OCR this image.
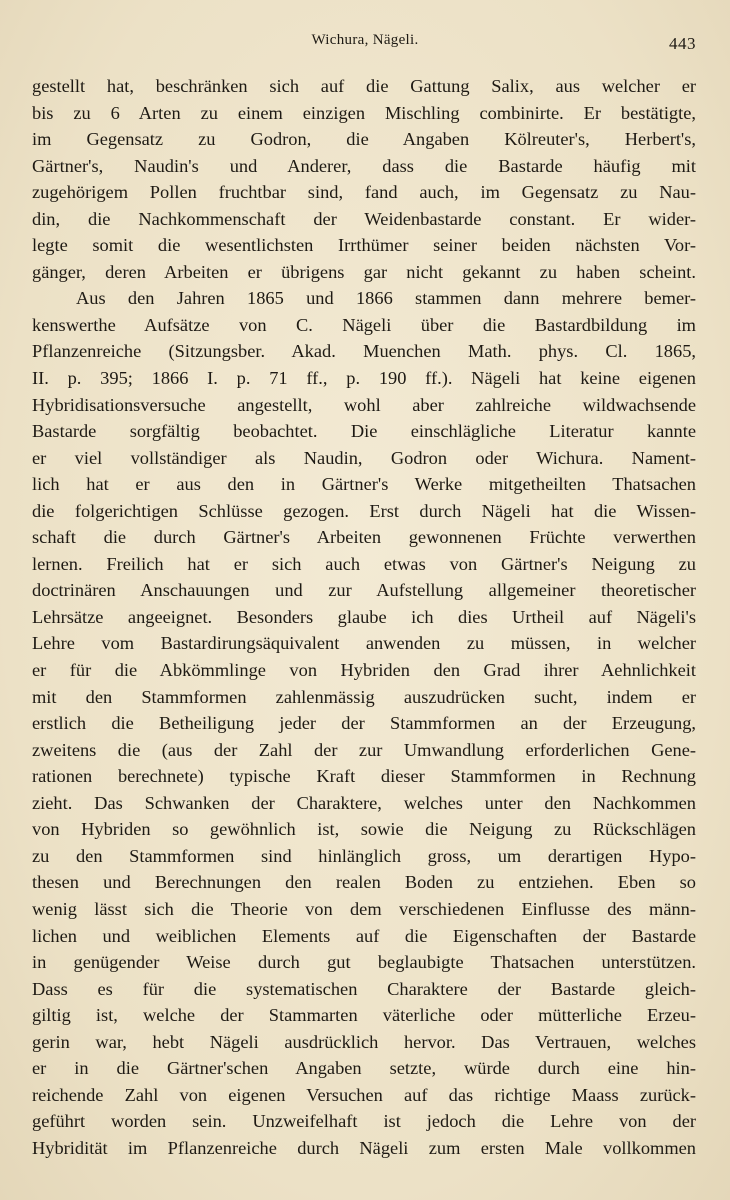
Wichura, Nägeli.	443
gestellt hat, beschränken sich auf die Gattung Salix, aus welcher er
bis zu 6 Arten zu einem einzigen Mischling combinirte. Er bestätigte,
im Gegensatz zu Godron, die Angaben Kölreuter's, Herbert's,
Gärtner's, Naudin's und Anderer, dass die Bastarde häufig mit
zugehörigem Pollen fruchtbar sind, fand auch, im Gegensatz zu Nau-
din, die Nachkommenschaft der Weidenbastarde constant. Er wider-
legte somit die wesentlichsten Irrthümer seiner beiden nächsten Vor-
gänger, deren Arbeiten er übrigens gar nicht gekannt zu haben scheint.
Aus den Jahren 1865 und 1866 stammen dann mehrere bemer-
kenswerthe Aufsätze von C. Nägeli über die Bastardbildung im
Pflanzenreiche (Sitzungsber. Akad. Muenchen Math. phys. Cl. 1865,
II. p. 395; 1866 I. p. 71 ff., p. 190 ff.). Nägeli hat keine eigenen
Hybridisationsversuche angestellt, wohl aber zahlreiche wildwachsende
Bastarde sorgfältig beobachtet. Die einschlägliche Literatur kannte
er viel vollständiger als Naudin, Godron oder Wichura. Nament-
lich hat er aus den in Gärtner's Werke mitgetheilten Thatsachen
die folgerichtigen Schlüsse gezogen. Erst durch Nägeli hat die Wissen-
schaft die durch Gärtner's Arbeiten gewonnenen Früchte verwerthen
lernen. Freilich hat er sich auch etwas von Gärtner's Neigung zu
doctrinären Anschauungen und zur Aufstellung allgemeiner theoretischer
Lehrsätze angeeignet. Besonders glaube ich dies Urtheil auf Nägeli's
Lehre vom Bastardirungsäquivalent anwenden zu müssen, in welcher
er für die Abkömmlinge von Hybriden den Grad ihrer Aehnlichkeit
mit den Stammformen zahlenmässig auszudrücken sucht, indem er
erstlich die Betheiligung jeder der Stammformen an der Erzeugung,
zweitens die (aus der Zahl der zur Umwandlung erforderlichen Gene-
rationen berechnete) typische Kraft dieser Stammformen in Rechnung
zieht. Das Schwanken der Charaktere, welches unter den Nachkommen
von Hybriden so gewöhnlich ist, sowie die Neigung zu Rückschlägen
zu den Stammformen sind hinlänglich gross, um derartigen Hypo-
thesen und Berechnungen den realen Boden zu entziehen. Eben so
wenig lässt sich die Theorie von dem verschiedenen Einflusse des männ-
lichen und weiblichen Elements auf die Eigenschaften der Bastarde
in genügender Weise durch gut beglaubigte Thatsachen unterstützen.
Dass es für die systematischen Charaktere der Bastarde gleich-
giltig ist, welche der Stammarten väterliche oder mütterliche Erzeu-
gerin war, hebt Nägeli ausdrücklich hervor. Das Vertrauen, welches
er in die Gärtner'schen Angaben setzte, würde durch eine hin-
reichende Zahl von eigenen Versuchen auf das richtige Maass zurück-
geführt worden sein. Unzweifelhaft ist jedoch die Lehre von der
Hybridität im Pflanzenreiche durch Nägeli zum ersten Male vollkommen
